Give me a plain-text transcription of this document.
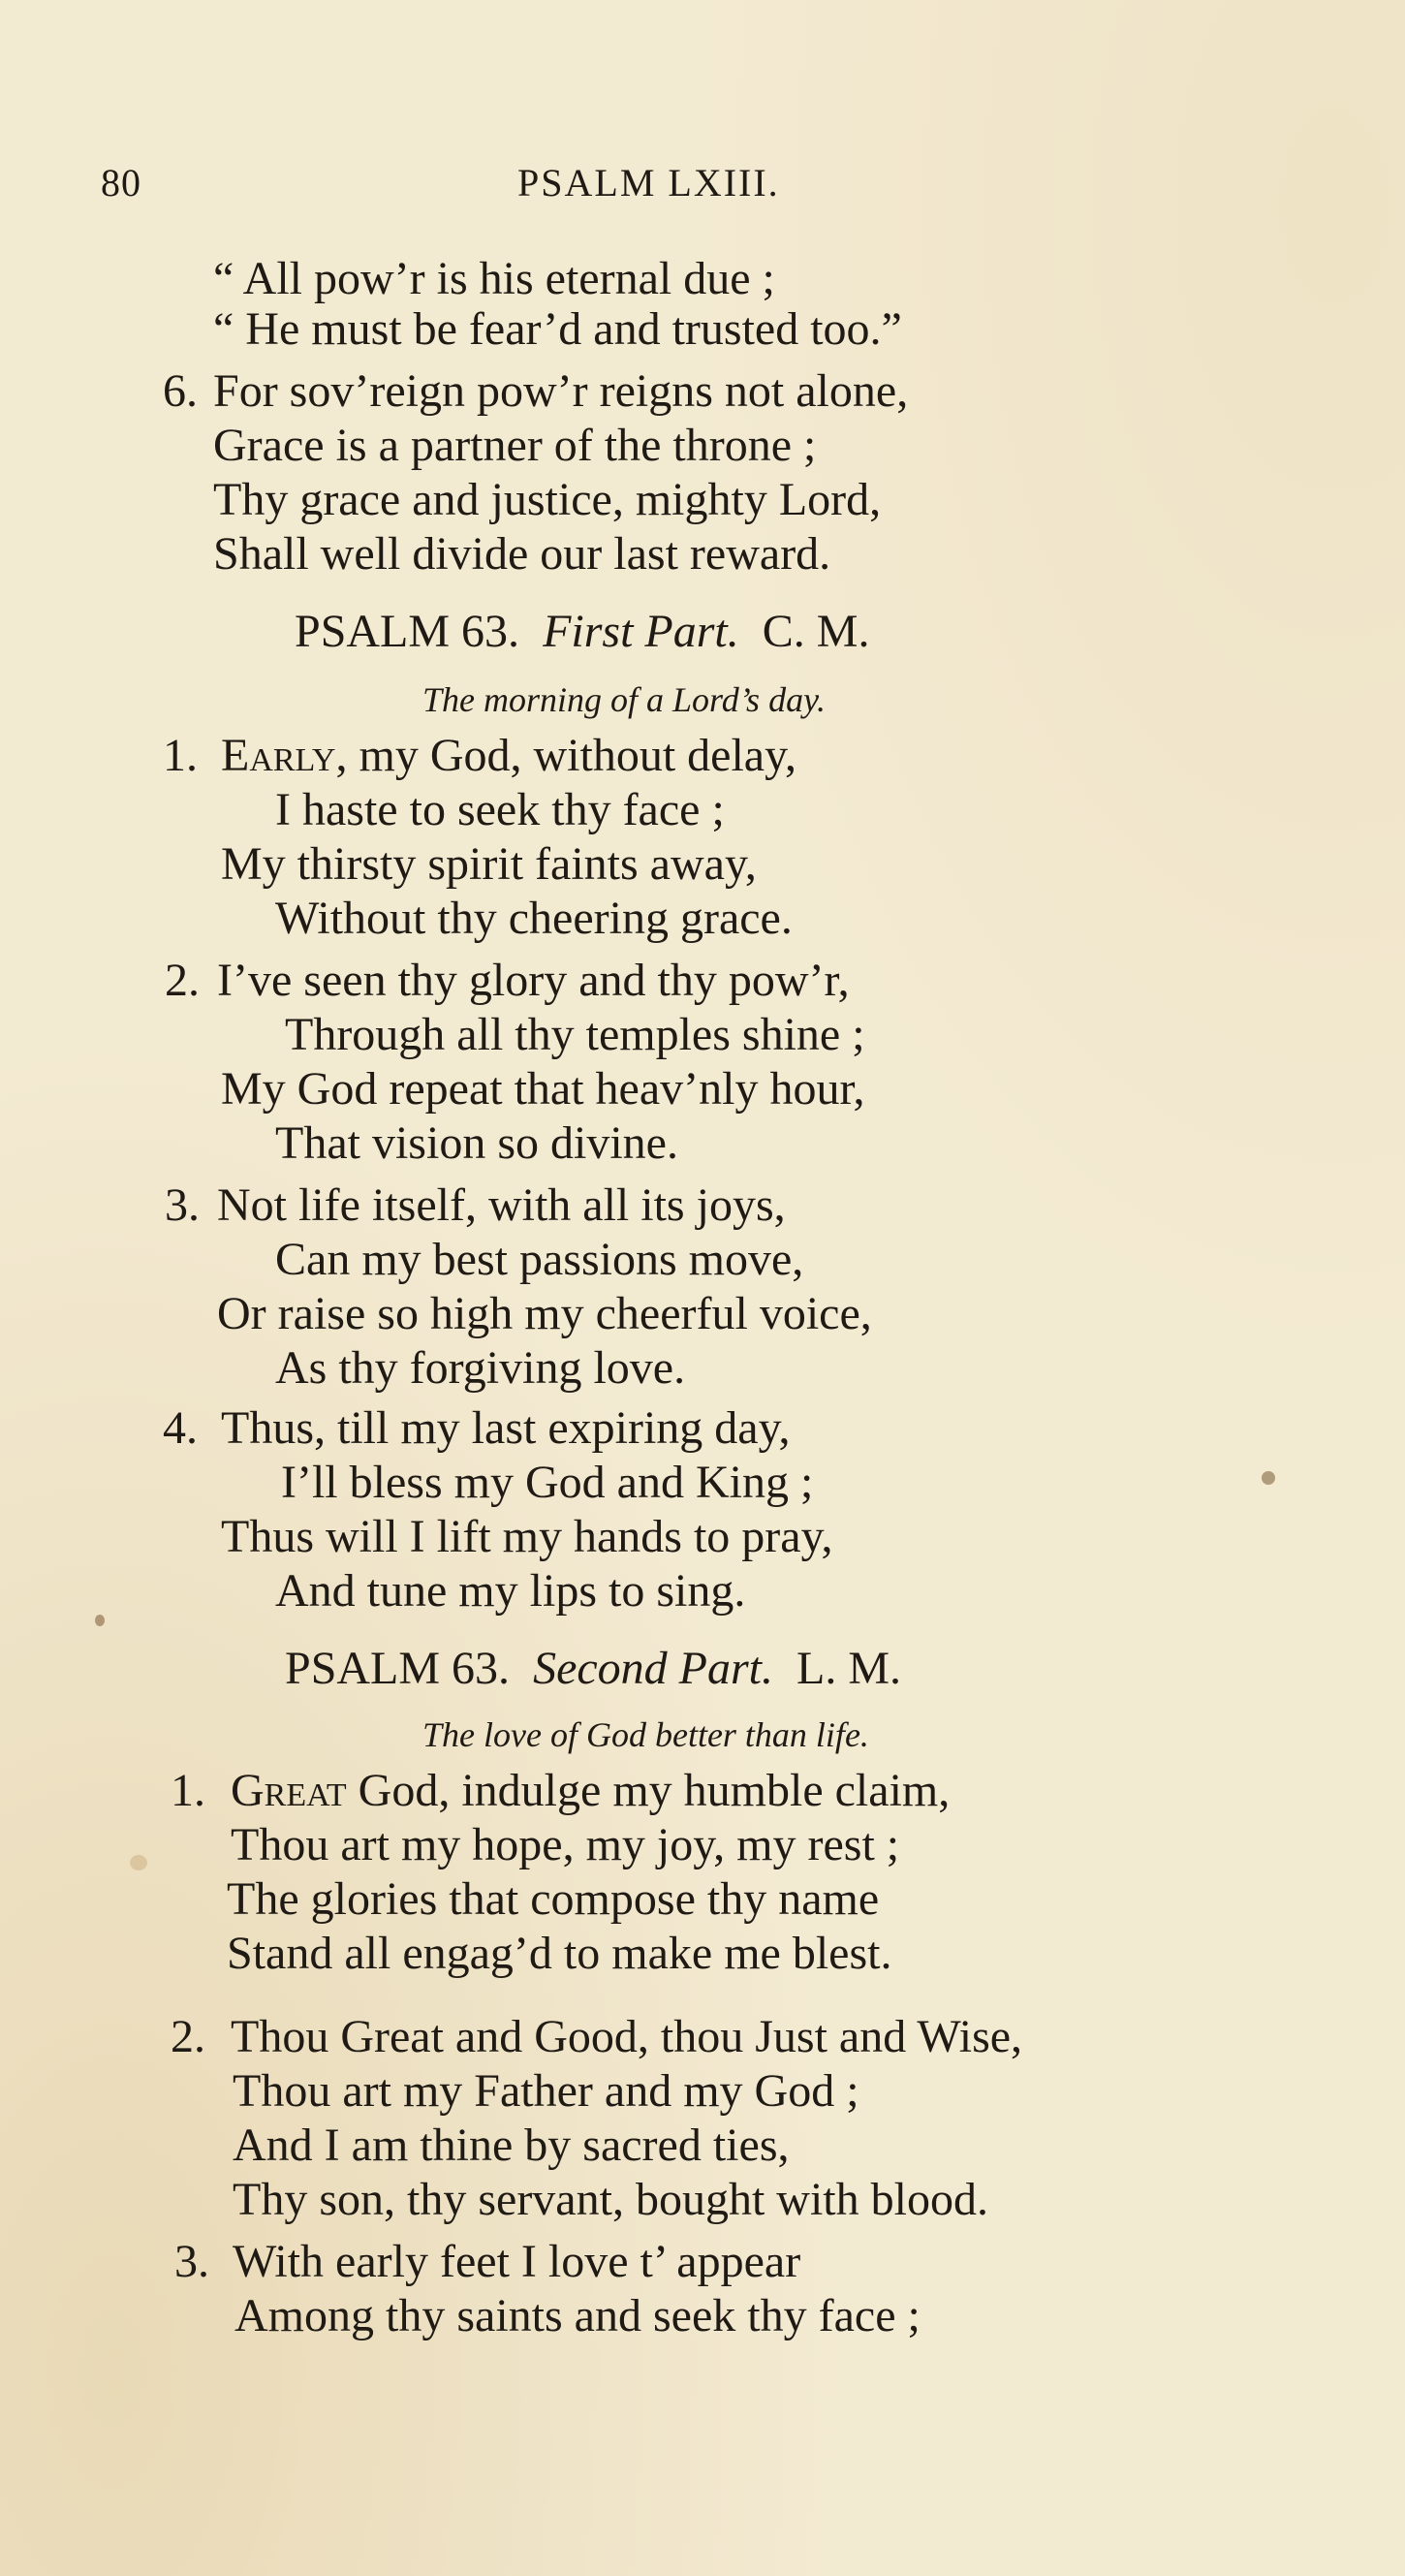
80	PSALM LXIII.
“ All pow’r is his eternal due ;
“ He must be fear’d and trusted too.”
6. For sov’reign pow’r reigns not alone,
Grace is a partner of the throne ;
Thy grace and justice, mighty Lord,
Shall well divide our last reward.
PSALM 63. First Part. C. M.
The morning of a Lord’s day.
1. Early, my God, without delay,
I haste to seek thy face ;
My thirsty spirit faints away,
Without thy cheering grace.
2. I’ve seen thy glory and thy pow’r,
Through all thy temples shine ;
My God repeat that heav’nly hour,
That vision so divine.
3. Not life itself, with all its joys,
Can my best passions move,
Or raise so high my cheerful voice,
As thy forgiving love.
4. Thus, till my last expiring day,
I’ll bless my God and King ;
Thus will I lift my hands to pray,
And tune my lips to sing.
PSALM 63. Second Part. L. M.
The love of God better than life.
1. Great God, indulge my humble claim,
Thou art my hope, my joy, my rest ;
The glories that compose thy name
Stand all engag’d to make me blest.
2. Thou Great and Good, thou Just and Wise,
Thou art my Father and my God ;
And I am thine by sacred ties,
Thy son, thy servant, bought with blood.
3. With early feet I love t’ appear
Among thy saints and seek thy face ;
